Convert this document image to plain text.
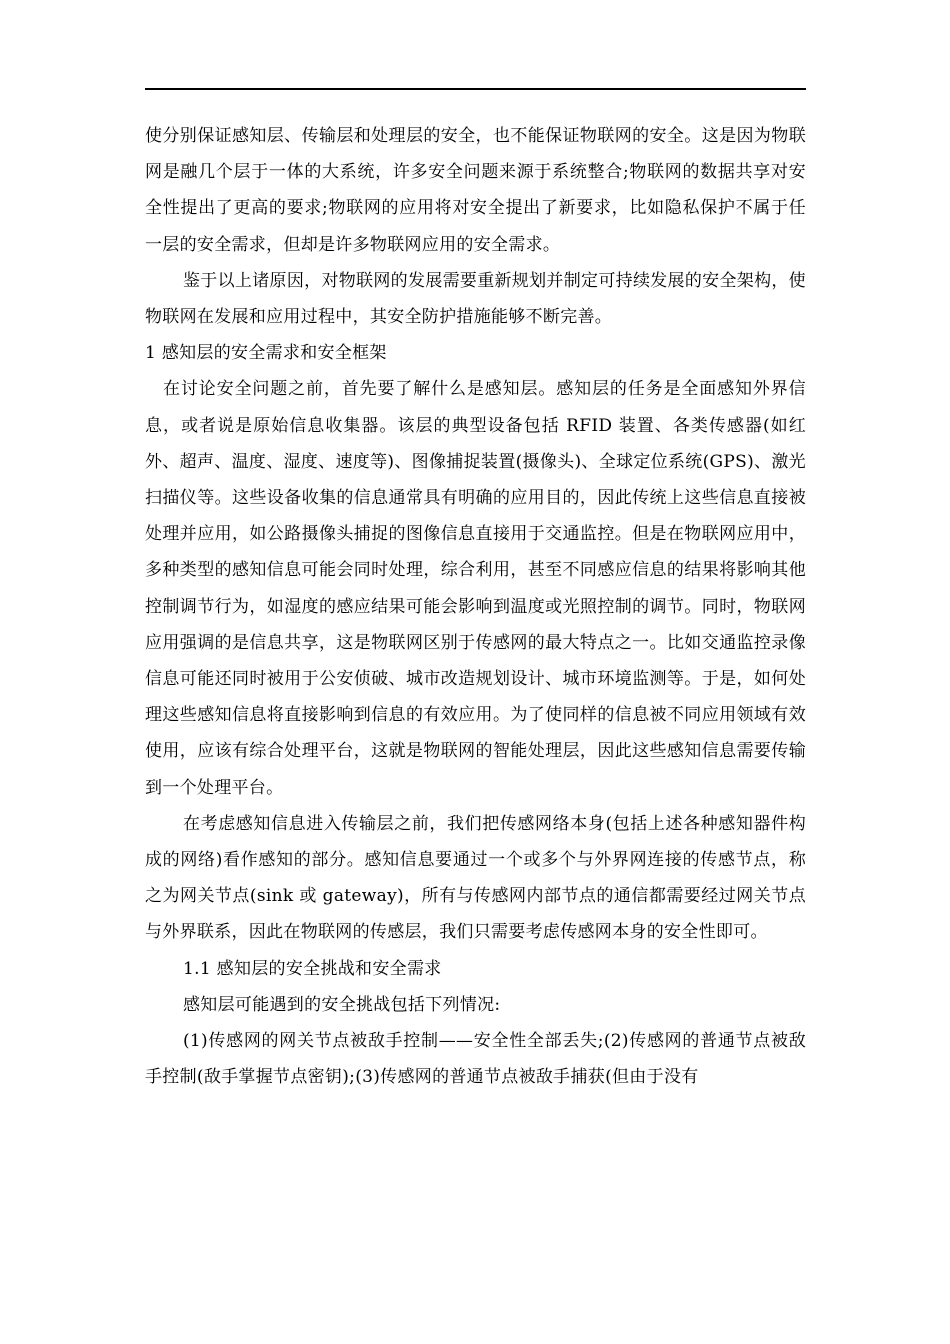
使分别保证感知层、传输层和处理层的安全，也不能保证物联网的安全。这是因为物联网是融几个层于一体的大系统，许多安全问题来源于系统整合;物联网的数据共享对安全性提出了更高的要求;物联网的应用将对安全提出了新要求，比如隐私保护不属于任一层的安全需求，但却是许多物联网应用的安全需求。

鉴于以上诸原因，对物联网的发展需要重新规划并制定可持续发展的安全架构，使物联网在发展和应用过程中，其安全防护措施能够不断完善。

1 感知层的安全需求和安全框架

在讨论安全问题之前，首先要了解什么是感知层。感知层的任务是全面感知外界信息，或者说是原始信息收集器。该层的典型设备包括 RFID 装置、各类传感器(如红外、超声、温度、湿度、速度等)、图像捕捉装置(摄像头)、全球定位系统(GPS)、激光扫描仪等。这些设备收集的信息通常具有明确的应用目的，因此传统上这些信息直接被处理并应用，如公路摄像头捕捉的图像信息直接用于交通监控。但是在物联网应用中，多种类型的感知信息可能会同时处理，综合利用，甚至不同感应信息的结果将影响其他控制调节行为，如湿度的感应结果可能会影响到温度或光照控制的调节。同时，物联网应用强调的是信息共享，这是物联网区别于传感网的最大特点之一。比如交通监控录像信息可能还同时被用于公安侦破、城市改造规划设计、城市环境监测等。于是，如何处理这些感知信息将直接影响到信息的有效应用。为了使同样的信息被不同应用领域有效使用，应该有综合处理平台，这就是物联网的智能处理层，因此这些感知信息需要传输到一个处理平台。

在考虑感知信息进入传输层之前，我们把传感网络本身(包括上述各种感知器件构成的网络)看作感知的部分。感知信息要通过一个或多个与外界网连接的传感节点，称之为网关节点(sink 或 gateway)，所有与传感网内部节点的通信都需要经过网关节点与外界联系，因此在物联网的传感层，我们只需要考虑传感网本身的安全性即可。

1.1 感知层的安全挑战和安全需求

感知层可能遇到的安全挑战包括下列情况:

(1)传感网的网关节点被敌手控制——安全性全部丢失;(2)传感网的普通节点被敌手控制(敌手掌握节点密钥);(3)传感网的普通节点被敌手捕获(但由于没有
